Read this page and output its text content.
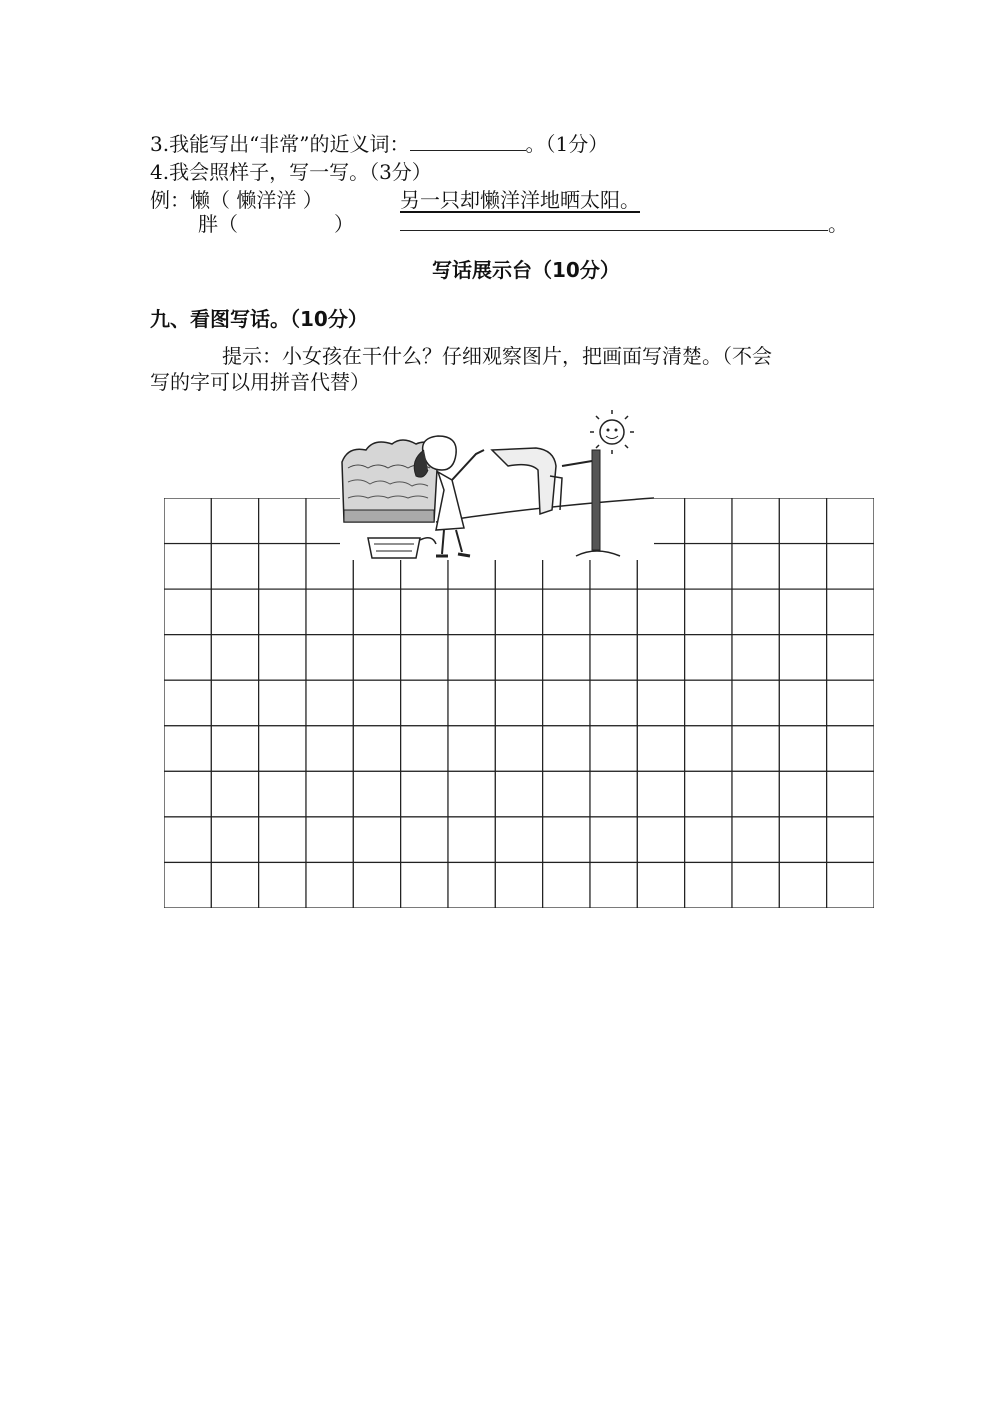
3.我能写出“非常”的近义词：	。（1分）
4.我会照样子，写一写。（3分）
例：懒（ 懒洋洋 ）	另一只却懒洋洋地晒太阳。
胖（	）	。
写话展示台（10分）
九、看图写话。（10分）
提示：小女孩在干什么？仔细观察图片，把画面写清楚。（不会
写的字可以用拼音代替）
